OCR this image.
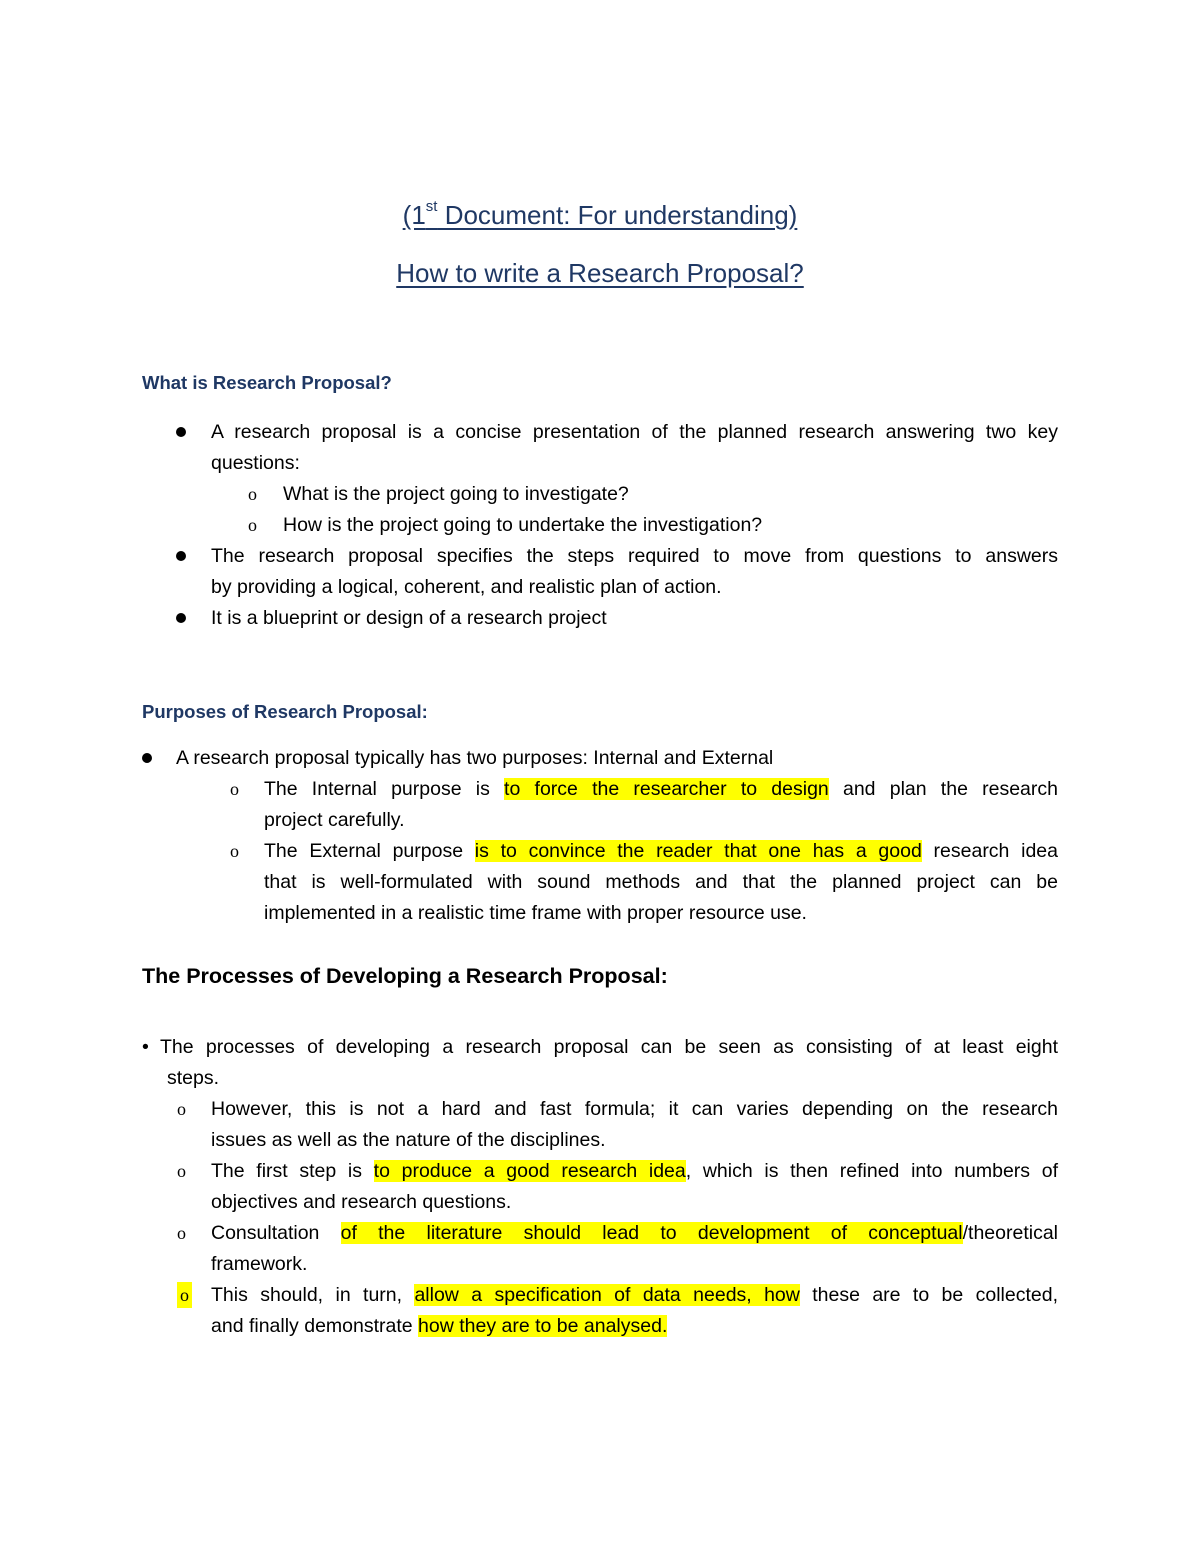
(1st Document: For understanding)
How to write a Research Proposal?
What is Research Proposal?
A research proposal is a concise presentation of the planned research answering two key
questions:
o What is the project going to investigate?
o How is the project going to undertake the investigation?
The research proposal specifies the steps required to move from questions to answers
by providing a logical, coherent, and realistic plan of action.
It is a blueprint or design of a research project
Purposes of Research Proposal:
A research proposal typically has two purposes: Internal and External
o The Internal purpose is to force the researcher to design and plan the research
project carefully.
o The External purpose is to convince the reader that one has a good research idea
that is well-formulated with sound methods and that the planned project can be
implemented in a realistic time frame with proper resource use.
The Processes of Developing a Research Proposal:
• The processes of developing a research proposal can be seen as consisting of at least eight
steps.
o However, this is not a hard and fast formula; it can varies depending on the research
issues as well as the nature of the disciplines.
o The first step is to produce a good research idea, which is then refined into numbers of
objectives and research questions.
o Consultation of the literature should lead to development of conceptual/theoretical
framework.
o This should, in turn, allow a specification of data needs, how these are to be collected,
and finally demonstrate how they are to be analysed.
